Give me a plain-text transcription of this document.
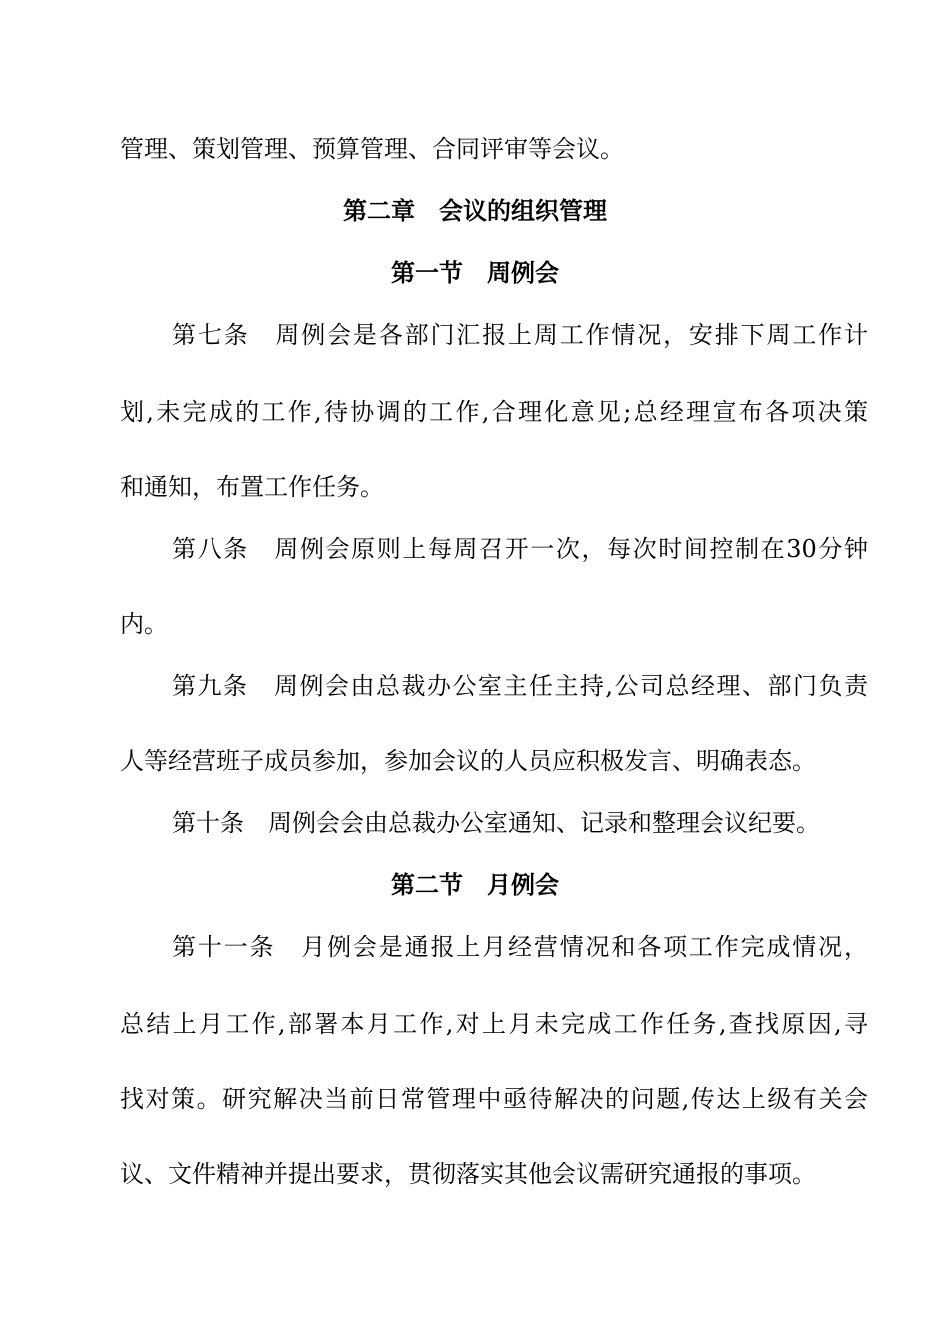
管理、策划管理、预算管理、合同评审等会议。
第二章　会议的组织管理
第一节　周例会
第七条　周例会是各部门汇报上周工作情况，安排下周工作计
划,未完成的工作,待协调的工作,合理化意见;总经理宣布各项决策
和通知，布置工作任务。
第八条　周例会原则上每周召开一次，每次时间控制在30分钟
内。
第九条　周例会由总裁办公室主任主持,公司总经理、部门负责
人等经营班子成员参加，参加会议的人员应积极发言、明确表态。
第十条　周例会会由总裁办公室通知、记录和整理会议纪要。
第二节　月例会
第十一条　月例会是通报上月经营情况和各项工作完成情况，
总结上月工作,部署本月工作,对上月未完成工作任务,查找原因,寻
找对策。研究解决当前日常管理中亟待解决的问题,传达上级有关会
议、文件精神并提出要求，贯彻落实其他会议需研究通报的事项。
